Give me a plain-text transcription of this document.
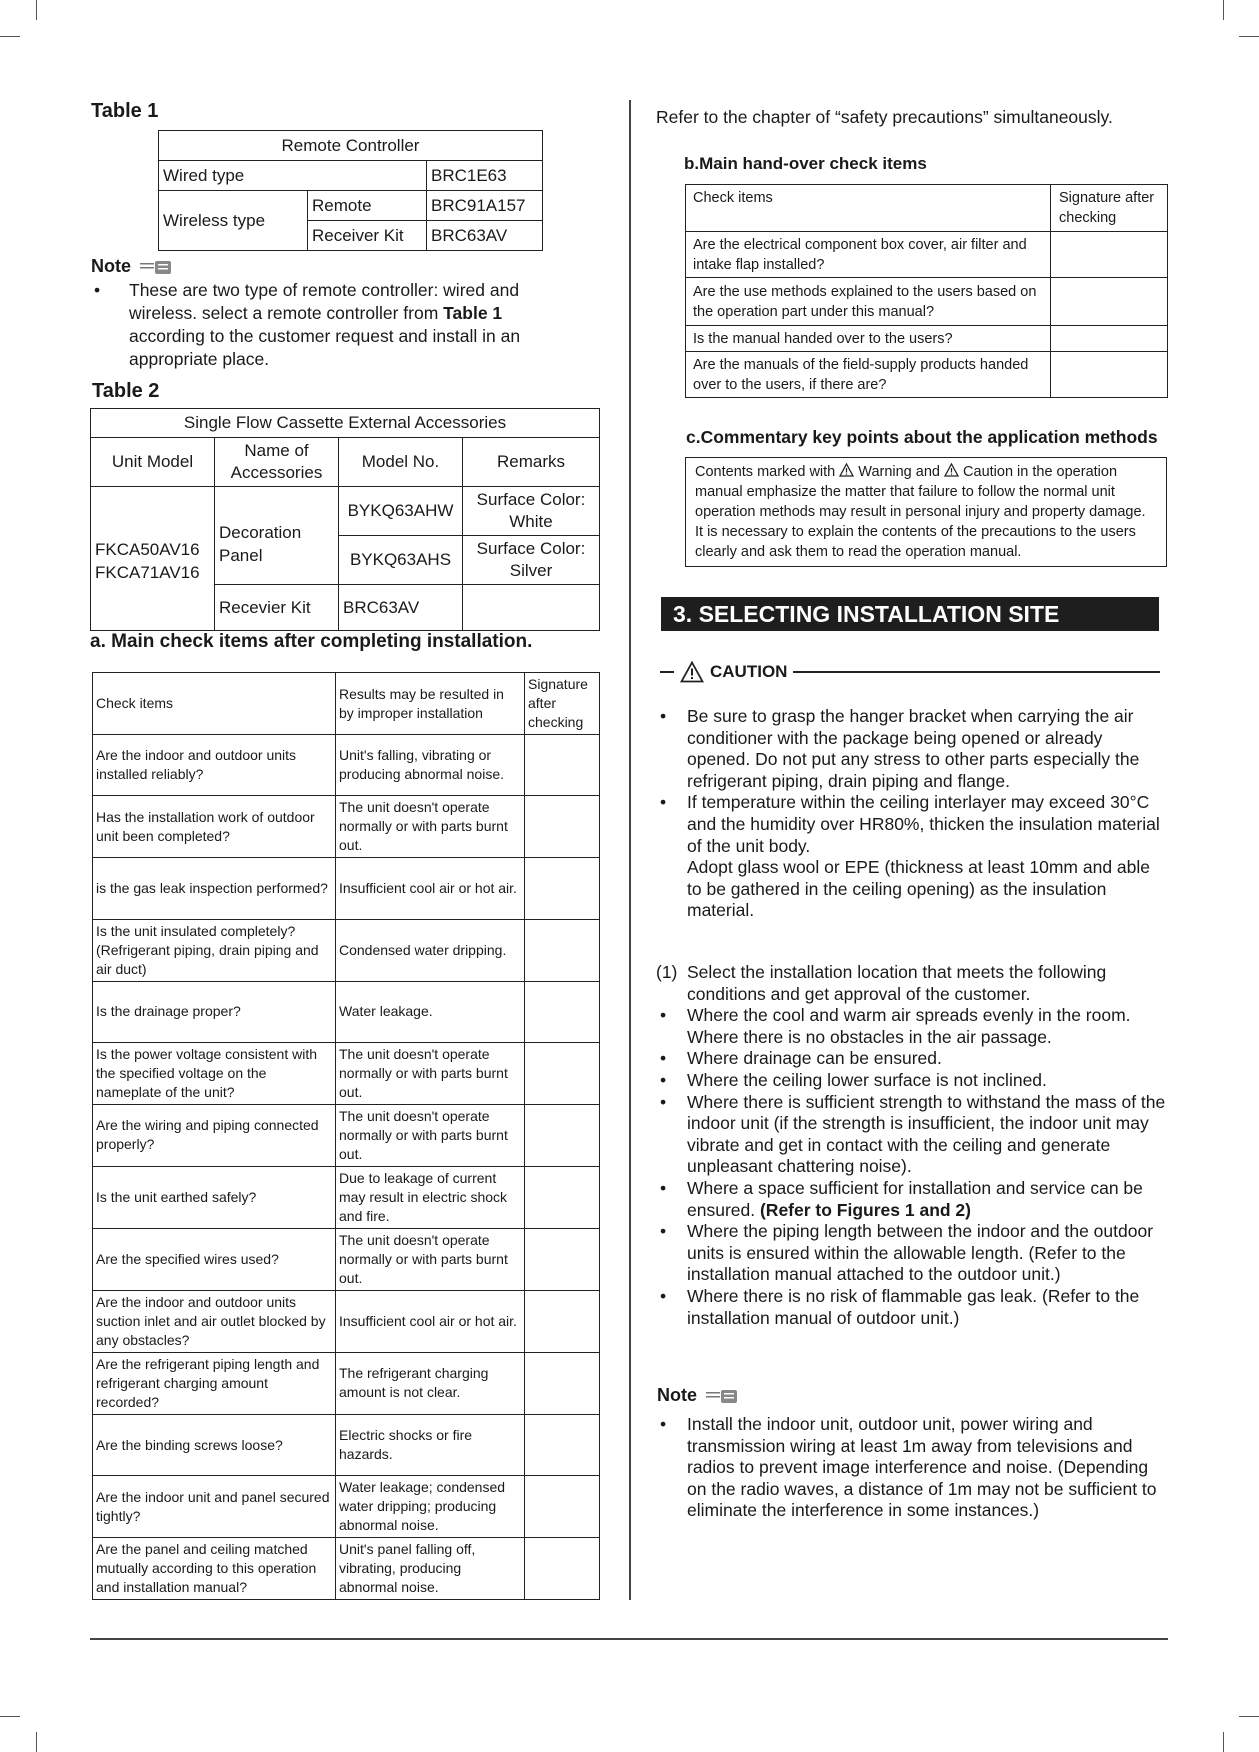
Table 1
Remote Controller		
Wired type		BRC1E63
Wireless type	Remote	BRC91A157
	Receiver Kit	BRC63AV
Note
• These are two type of remote controller: wired and wireless. select a remote controller from Table 1 according to the customer request and install in an appropriate place.
Table 2
Single Flow Cassette External Accessories			
Unit Model	Name of Accessories	Model No.	Remarks
FKCA50AV16 FKCA71AV16	Decoration Panel	BYKQ63AHW	Surface Color: White
		BYKQ63AHS	Surface Color: Silver
	Recevier Kit	BRC63AV	
a. Main check items after completing installation.
Check items	Results may be resulted in by improper installation	Signature after checking
Are the indoor and outdoor units installed reliably?	Unit's falling, vibrating or producing abnormal noise.	
Has the installation work of outdoor unit been completed?	The unit doesn't operate normally or with parts burnt out.	
is the gas leak inspection performed?	Insufficient cool air or hot air.	
Is the unit insulated completely? (Refrigerant piping, drain piping and air duct)	Condensed water dripping.	
Is the drainage proper?	Water leakage.	
Is the power voltage consistent with the specified voltage on the nameplate of the unit?	The unit doesn't operate normally or with parts burnt out.	
Are the wiring and piping connected properly?	The unit doesn't operate normally or with parts burnt out.	
Is the unit earthed safely?	Due to leakage of current may result in electric shock and fire.	
Are the specified wires used?	The unit doesn't operate normally or with parts burnt out.	
Are the indoor and outdoor units suction inlet and air outlet blocked by any obstacles?	Insufficient cool air or hot air.	
Are the refrigerant piping length and refrigerant charging amount recorded?	The refrigerant charging amount is not clear.	
Are the binding screws loose?	Electric shocks or fire hazards.	
Are the indoor unit and panel secured tightly?	Water leakage; condensed water dripping; producing abnormal noise.	
Are the panel and ceiling matched mutually according to this operation and installation manual?	Unit's panel falling off, vibrating, producing abnormal noise.	
Refer to the chapter of “safety precautions” simultaneously.
b.Main hand-over check items
Check items	Signature after checking
Are the electrical component box cover, air filter and intake flap installed?	
Are the use methods explained to the users based on the operation part under this manual?	
Is the manual handed over to the users?	
Are the manuals of the field-supply products handed over to the users, if there are?	
c.Commentary key points about the application methods
Contents marked with Warning and Caution in the operation manual emphasize the matter that failure to follow the normal unit operation methods may result in personal injury and property damage. It is necessary to explain the contents of the precautions to the users clearly and ask them to read the operation manual.
3. SELECTING INSTALLATION SITE
CAUTION
• Be sure to grasp the hanger bracket when carrying the air conditioner with the package being opened or already opened. Do not put any stress to other parts especially the refrigerant piping, drain piping and flange.
• If temperature within the ceiling interlayer may exceed 30°C and the humidity over HR80%, thicken the insulation material of the unit body.
Adopt glass wool or EPE (thickness at least 10mm and able to be gathered in the ceiling opening) as the insulation material.
(1) Select the installation location that meets the following conditions and get approval of the customer.
• Where the cool and warm air spreads evenly in the room. Where there is no obstacles in the air passage.
• Where drainage can be ensured.
• Where the ceiling lower surface is not inclined.
• Where there is sufficient strength to withstand the mass of the indoor unit (if the strength is insufficient, the indoor unit may vibrate and get in contact with the ceiling and generate unpleasant chattering noise).
• Where a space sufficient for installation and service can be ensured. (Refer to Figures 1 and 2)
• Where the piping length between the indoor and the outdoor units is ensured within the allowable length. (Refer to the installation manual attached to the outdoor unit.)
• Where there is no risk of flammable gas leak. (Refer to the installation manual of outdoor unit.)
Note
• Install the indoor unit, outdoor unit, power wiring and transmission wiring at least 1m away from televisions and radios to prevent image interference and noise. (Depending on the radio waves, a distance of 1m may not be sufficient to eliminate the interference in some instances.)
